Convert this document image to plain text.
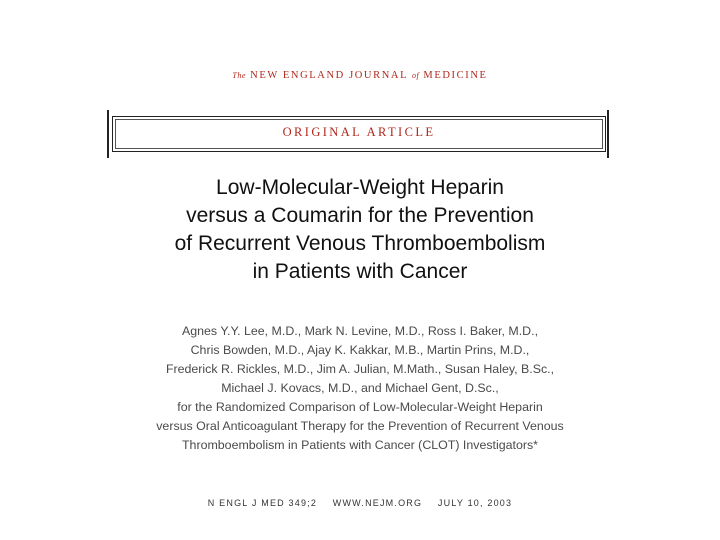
The NEW ENGLAND JOURNAL of MEDICINE
ORIGINAL ARTICLE
Low-Molecular-Weight Heparin
versus a Coumarin for the Prevention
of Recurrent Venous Thromboembolism
in Patients with Cancer
Agnes Y.Y. Lee, M.D., Mark N. Levine, M.D., Ross I. Baker, M.D.,
Chris Bowden, M.D., Ajay K. Kakkar, M.B., Martin Prins, M.D.,
Frederick R. Rickles, M.D., Jim A. Julian, M.Math., Susan Haley, B.Sc.,
Michael J. Kovacs, M.D., and Michael Gent, D.Sc.,
for the Randomized Comparison of Low-Molecular-Weight Heparin
versus Oral Anticoagulant Therapy for the Prevention of Recurrent Venous
Thromboembolism in Patients with Cancer (CLOT) Investigators*
N ENGL J MED 349;2 WWW.NEJM.ORG JULY 10, 2003
